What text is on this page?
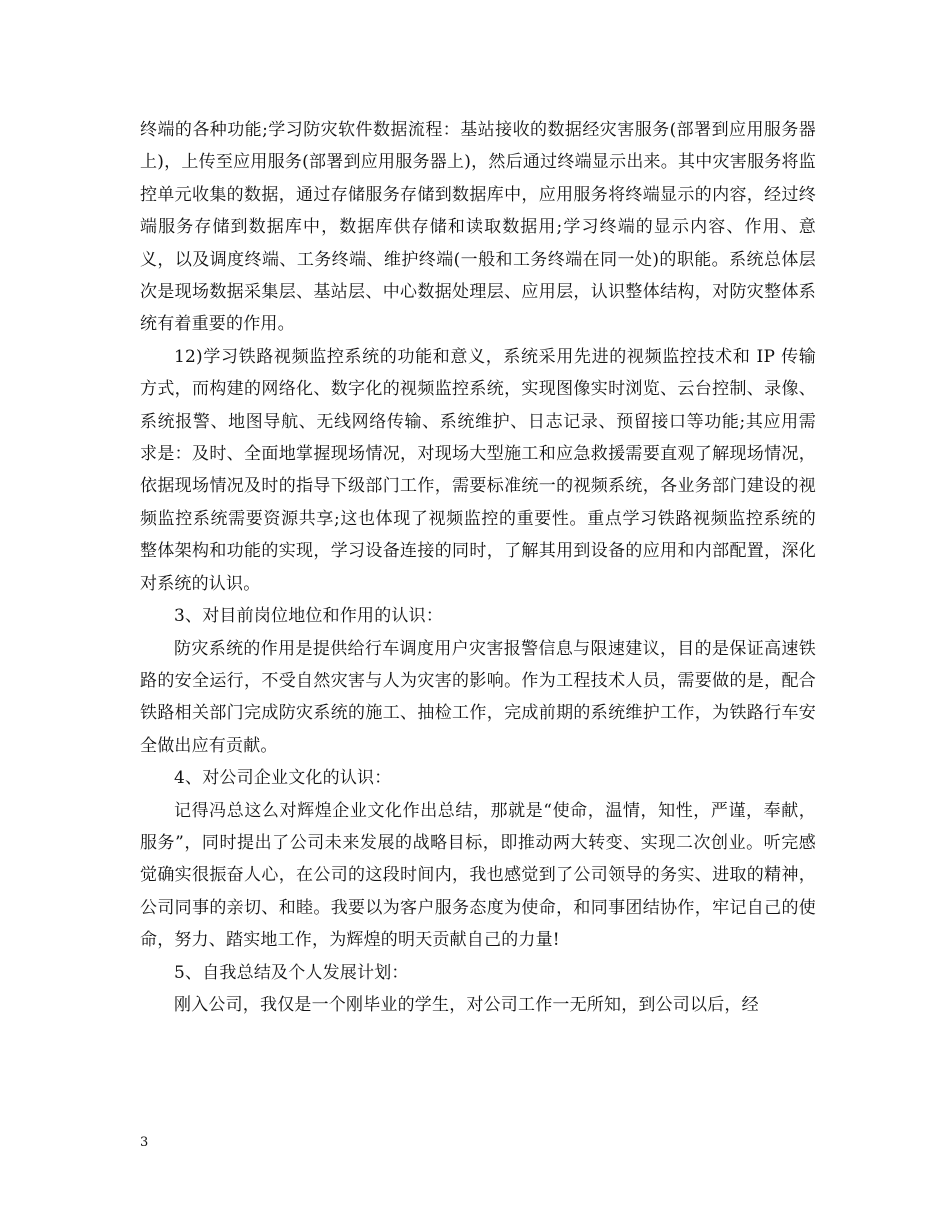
终端的各种功能;学习防灾软件数据流程：基站接收的数据经灾害服务(部署到应用服务器上)，上传至应用服务(部署到应用服务器上)，然后通过终端显示出来。其中灾害服务将监控单元收集的数据，通过存储服务存储到数据库中，应用服务将终端显示的内容，经过终端服务存储到数据库中，数据库供存储和读取数据用;学习终端的显示内容、作用、意义，以及调度终端、工务终端、维护终端(一般和工务终端在同一处)的职能。系统总体层次是现场数据采集层、基站层、中心数据处理层、应用层，认识整体结构，对防灾整体系统有着重要的作用。

12)学习铁路视频监控系统的功能和意义，系统采用先进的视频监控技术和 IP 传输方式，而构建的网络化、数字化的视频监控系统，实现图像实时浏览、云台控制、录像、系统报警、地图导航、无线网络传输、系统维护、日志记录、预留接口等功能;其应用需求是：及时、全面地掌握现场情况，对现场大型施工和应急救援需要直观了解现场情况，依据现场情况及时的指导下级部门工作，需要标准统一的视频系统，各业务部门建设的视频监控系统需要资源共享;这也体现了视频监控的重要性。重点学习铁路视频监控系统的整体架构和功能的实现，学习设备连接的同时，了解其用到设备的应用和内部配置，深化对系统的认识。

3、对目前岗位地位和作用的认识：

防灾系统的作用是提供给行车调度用户灾害报警信息与限速建议，目的是保证高速铁路的安全运行，不受自然灾害与人为灾害的影响。作为工程技术人员，需要做的是，配合铁路相关部门完成防灾系统的施工、抽检工作，完成前期的系统维护工作，为铁路行车安全做出应有贡献。

4、对公司企业文化的认识：

记得冯总这么对辉煌企业文化作出总结，那就是“使命，温情，知性，严谨，奉献，服务”，同时提出了公司未来发展的战略目标，即推动两大转变、实现二次创业。听完感觉确实很振奋人心，在公司的这段时间内，我也感觉到了公司领导的务实、进取的精神，公司同事的亲切、和睦。我要以为客户服务态度为使命，和同事团结协作，牢记自己的使命，努力、踏实地工作，为辉煌的明天贡献自己的力量!

5、自我总结及个人发展计划：

刚入公司，我仅是一个刚毕业的学生，对公司工作一无所知，到公司以后，经

3
